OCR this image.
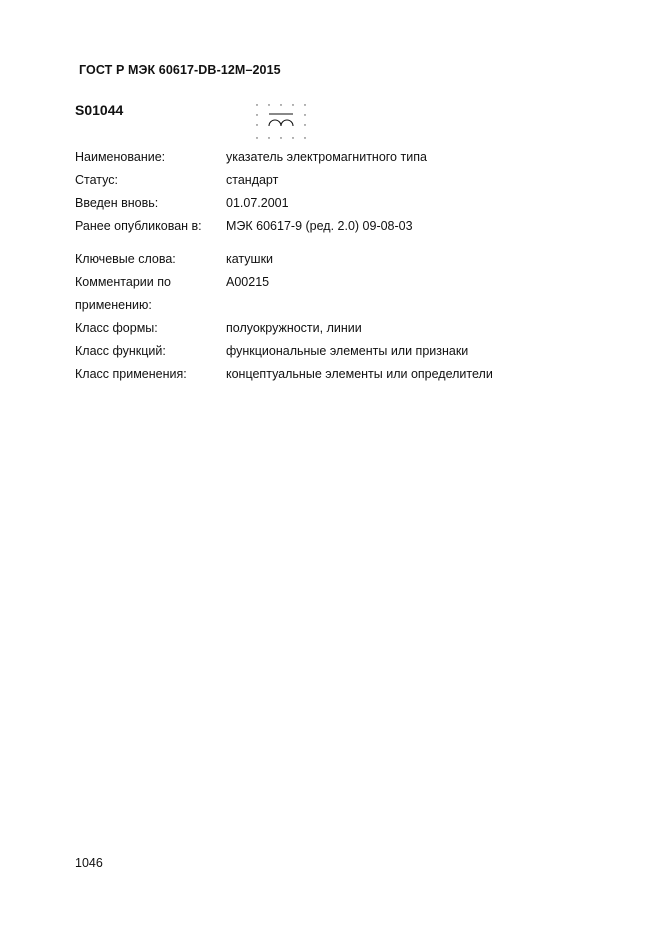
ГОСТ Р МЭК 60617-DB-12M–2015
S01044
Наименование:	указатель электромагнитного типа
Статус:	стандарт
Введен вновь:	01.07.2001
Ранее опубликован в: МЭК 60617-9 (ред. 2.0) 09-08-03
Ключевые слова:	катушки
Комментарии по	A00215
применению:
Класс формы:	полуокружности, линии
Класс функций:	функциональные элементы или признаки
Класс применения:	концептуальные элементы или определители
1046
